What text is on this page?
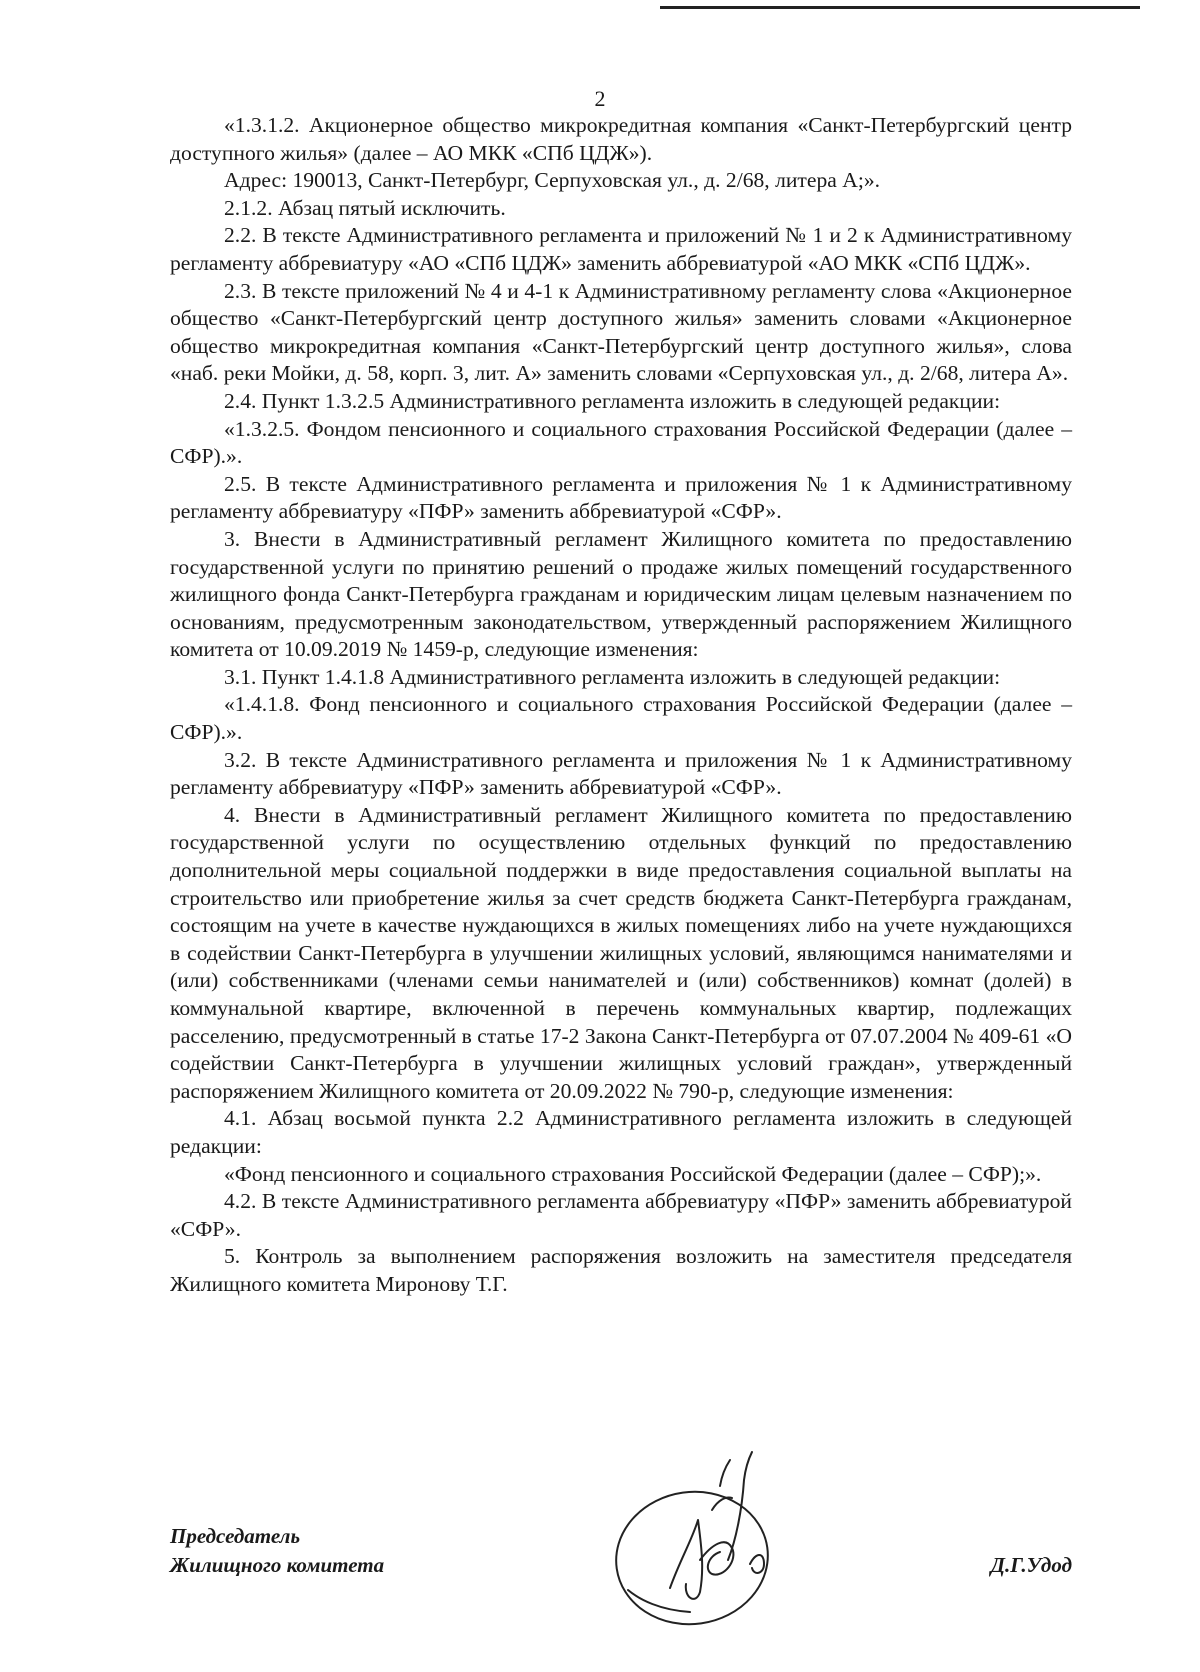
2

«1.3.1.2. Акционерное общество микрокредитная компания «Санкт-Петербургский центр доступного жилья» (далее – АО МКК «СПб ЦДЖ»).

Адрес: 190013, Санкт-Петербург, Серпуховская ул., д. 2/68, литера А;».

2.1.2. Абзац пятый исключить.

2.2. В тексте Административного регламента и приложений № 1 и 2 к Административному регламенту аббревиатуру «АО «СПб ЦДЖ» заменить аббревиатурой «АО МКК «СПб ЦДЖ».

2.3. В тексте приложений № 4 и 4-1 к Административному регламенту слова «Акционерное общество «Санкт-Петербургский центр доступного жилья» заменить словами «Акционерное общество микрокредитная компания «Санкт-Петербургский центр доступного жилья», слова «наб. реки Мойки, д. 58, корп. 3, лит. А» заменить словами «Серпуховская ул., д. 2/68, литера А».

2.4. Пункт 1.3.2.5 Административного регламента изложить в следующей редакции:

«1.3.2.5. Фондом пенсионного и социального страхования Российской Федерации (далее – СФР).».

2.5. В тексте Административного регламента и приложения № 1 к Административному регламенту аббревиатуру «ПФР» заменить аббревиатурой «СФР».

3. Внести в Административный регламент Жилищного комитета по предоставлению государственной услуги по принятию решений о продаже жилых помещений государственного жилищного фонда Санкт-Петербурга гражданам и юридическим лицам целевым назначением по основаниям, предусмотренным законодательством, утвержденный распоряжением Жилищного комитета от 10.09.2019 № 1459-р, следующие изменения:

3.1. Пункт 1.4.1.8 Административного регламента изложить в следующей редакции:

«1.4.1.8. Фонд пенсионного и социального страхования Российской Федерации (далее – СФР).».

3.2. В тексте Административного регламента и приложения № 1 к Административному регламенту аббревиатуру «ПФР» заменить аббревиатурой «СФР».

4. Внести в Административный регламент Жилищного комитета по предоставлению государственной услуги по осуществлению отдельных функций по предоставлению дополнительной меры социальной поддержки в виде предоставления социальной выплаты на строительство или приобретение жилья за счет средств бюджета Санкт-Петербурга гражданам, состоящим на учете в качестве нуждающихся в жилых помещениях либо на учете нуждающихся в содействии Санкт-Петербурга в улучшении жилищных условий, являющимся нанимателями и (или) собственниками (членами семьи нанимателей и (или) собственников) комнат (долей) в коммунальной квартире, включенной в перечень коммунальных квартир, подлежащих расселению, предусмотренный в статье 17-2 Закона Санкт-Петербурга от 07.07.2004 № 409-61 «О содействии Санкт-Петербурга в улучшении жилищных условий граждан», утвержденный распоряжением Жилищного комитета от 20.09.2022 № 790-р, следующие изменения:

4.1. Абзац восьмой пункта 2.2 Административного регламента изложить в следующей редакции:

«Фонд пенсионного и социального страхования Российской Федерации (далее – СФР);».

4.2. В тексте Административного регламента аббревиатуру «ПФР» заменить аббревиатурой «СФР».

5. Контроль за выполнением распоряжения возложить на заместителя председателя Жилищного комитета Миронову Т.Г.

Председатель
Жилищного комитета	Д.Г.Удод
